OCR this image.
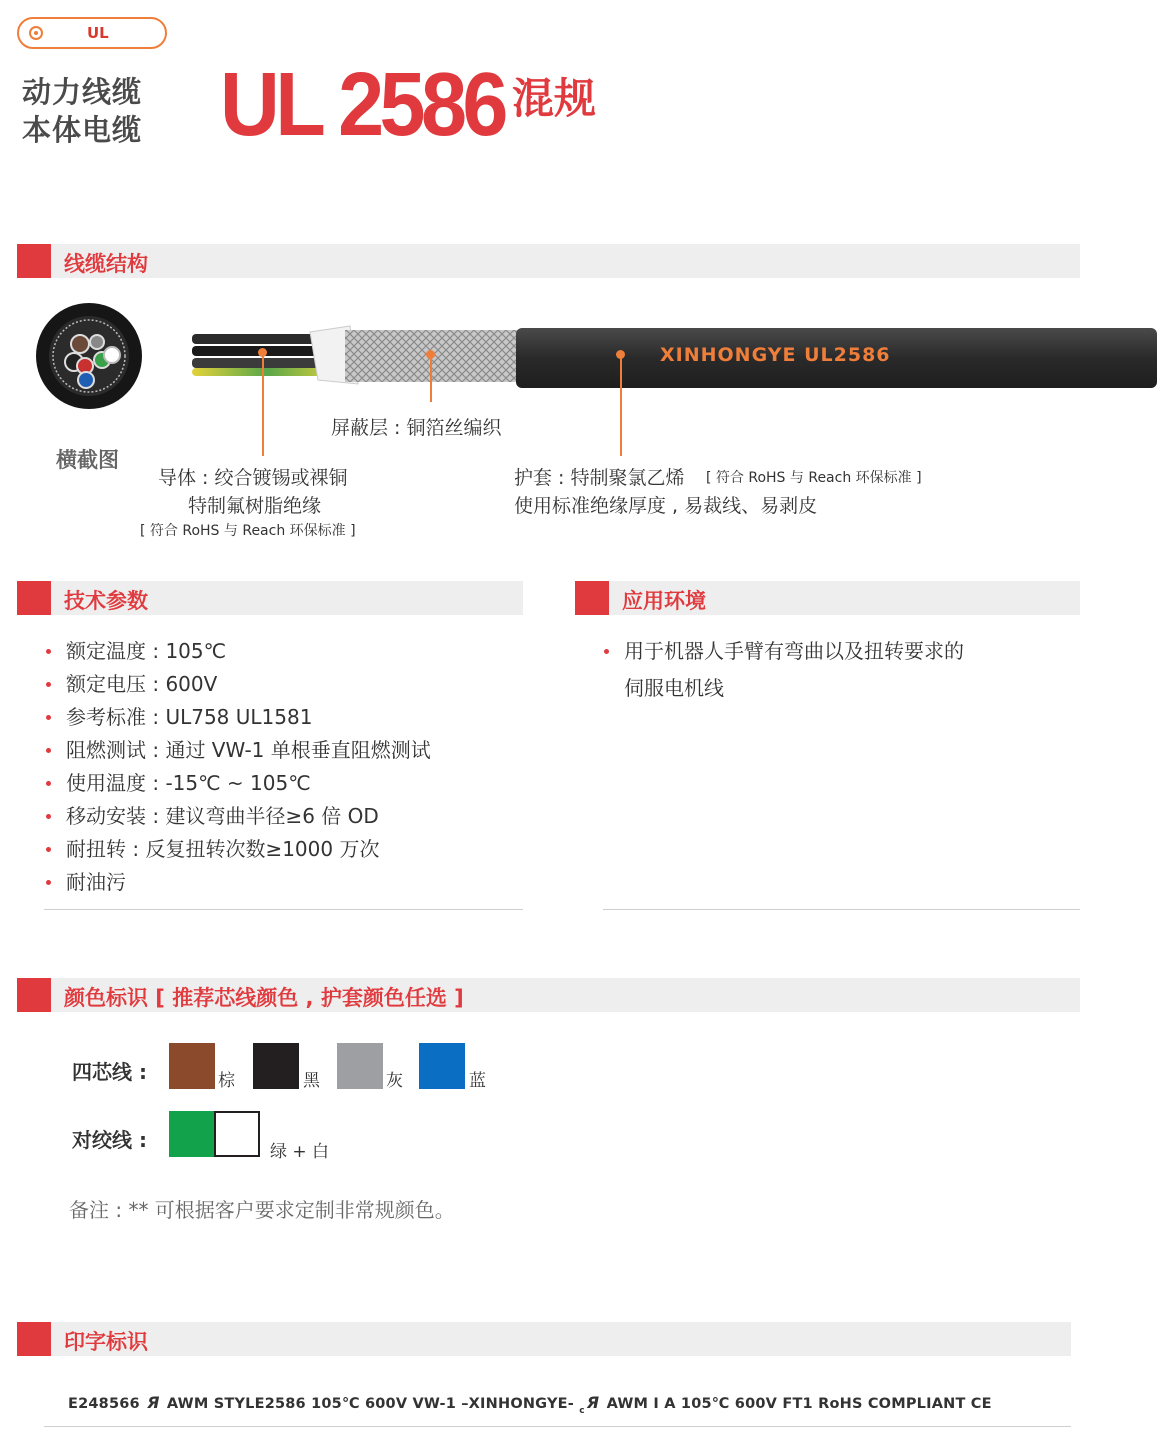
UL
动力线缆
本体电缆 UL 2586 混规
线缆结构
横截图
XINHONGYE UL2586
屏蔽层 : 铜箔丝编织
导体 : 绞合镀锡或裸铜
特制氟树脂绝缘
[ 符合 RoHS 与 Reach 环保标准 ]
护套 : 特制聚氯乙烯 [ 符合 RoHS 与 Reach 环保标准 ]
使用标准绝缘厚度 , 易裁线、易剥皮
技术参数
额定温度 : 105℃
额定电压 : 600V
参考标准 : UL758 UL1581
阻燃测试 : 通过 VW-1 单根垂直阻燃测试
使用温度 : -15℃ ~ 105℃
移动安装 : 建议弯曲半径≥6 倍 OD
耐扭转 : 反复扭转次数≥1000 万次
耐油污
应用环境
用于机器人手臂有弯曲以及扭转要求的
伺服电机线
颜色标识 [ 推荐芯线颜色 , 护套颜色任选 ]
四芯线 :	棕	黑	灰	蓝
对绞线 :	绿 + 白
备注 : ** 可根据客户要求定制非常规颜色。
印字标识
E248566 Я AWM STYLE2586 105℃ 600V VW-1 –XINHONGYE- $_c$ Я AWM I A 105℃ 600V FT1 RoHS COMPLIANT CE
